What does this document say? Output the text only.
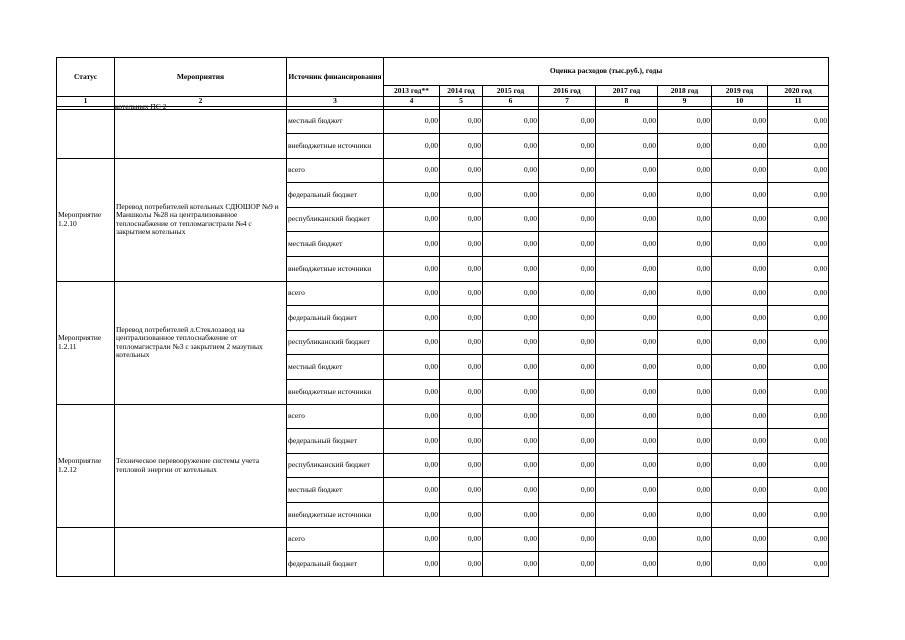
Статус	Мероприятия	Источник финансирования	Оценка расходов (тыс.руб.), годы							
			2013 год**	2014 год	2015 год	2016 год	2017 год	2018 год	2019 год	2020 год
1	2	3	4	5	6	7	8	9	10	11

	котельных ПС 2									

		местный бюджет	0,00	0,00	0,00	0,00	0,00	0,00	0,00	0,00
		внебюджетные источники	0,00	0,00	0,00	0,00	0,00	0,00	0,00	0,00
Мероприятие 1.2.10	Перевод потребителей котельных СДЮШОР №9 и Маншколы №28 на централизованное теплоснабжение от тепломагистрали №4 с закрытием котельных	всего	0,00	0,00	0,00	0,00	0,00	0,00	0,00	0,00
		федеральный бюджет	0,00	0,00	0,00	0,00	0,00	0,00	0,00	0,00
		республиканский бюджет	0,00	0,00	0,00	0,00	0,00	0,00	0,00	0,00
		местный бюджет	0,00	0,00	0,00	0,00	0,00	0,00	0,00	0,00
		внебюджетные источники	0,00	0,00	0,00	0,00	0,00	0,00	0,00	0,00
Мероприятие 1.2.11	Перевод потребителей л.Стеклозавод на централизованное теплоснабжение от тепломагистрали №3 с закрытием 2 мазутных котельных	всего	0,00	0,00	0,00	0,00	0,00	0,00	0,00	0,00
		федеральный бюджет	0,00	0,00	0,00	0,00	0,00	0,00	0,00	0,00
		республиканский бюджет	0,00	0,00	0,00	0,00	0,00	0,00	0,00	0,00
		местный бюджет	0,00	0,00	0,00	0,00	0,00	0,00	0,00	0,00
		внебюджетные источники	0,00	0,00	0,00	0,00	0,00	0,00	0,00	0,00
Мероприятие 1.2.12	Техническое перевооружение системы учета тепловой энергии от котельных	всего	0,00	0,00	0,00	0,00	0,00	0,00	0,00	0,00
		федеральный бюджет	0,00	0,00	0,00	0,00	0,00	0,00	0,00	0,00
		республиканский бюджет	0,00	0,00	0,00	0,00	0,00	0,00	0,00	0,00
		местный бюджет	0,00	0,00	0,00	0,00	0,00	0,00	0,00	0,00
		внебюджетные источники	0,00	0,00	0,00	0,00	0,00	0,00	0,00	0,00
		всего	0,00	0,00	0,00	0,00	0,00	0,00	0,00	0,00
		федеральный бюджет	0,00	0,00	0,00	0,00	0,00	0,00	0,00	0,00
